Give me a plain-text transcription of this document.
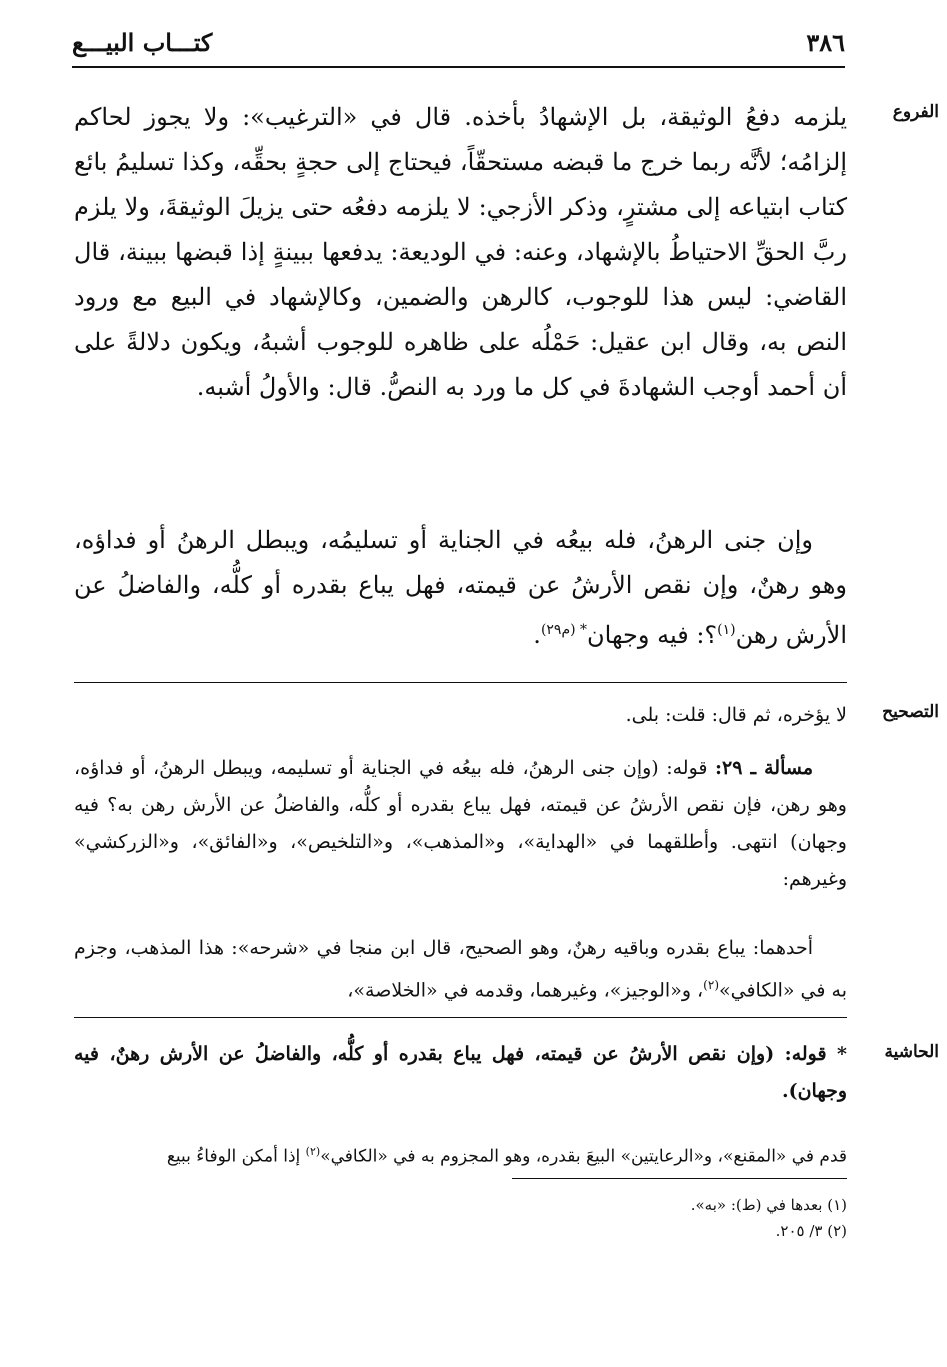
٣٨٦
كتـــاب البيـــع
الفروع
يلزمه دفعُ الوثيقة، بل الإشهادُ بأخذه. قال في «الترغيب»: ولا يجوز لحاكم إلزامُه؛ لأنَّه ربما خرج ما قبضه مستحقّاً، فيحتاج إلى حجةٍ بحقِّه، وكذا تسليمُ بائع كتاب ابتياعه إلى مشترٍ، وذكر الأزجي: لا يلزمه دفعُه حتى يزيلَ الوثيقةَ، ولا يلزم ربَّ الحقِّ الاحتياطُ بالإشهاد، وعنه: في الوديعة: يدفعها ببينةٍ إذا قبضها ببينة، قال القاضي: ليس هذا للوجوب، كالرهن والضمين، وكالإشهاد في البيع مع ورود النص به، وقال ابن عقيل: حَمْلُه على ظاهره للوجوب أشبهُ، ويكون دلالةً على أن أحمد أوجب الشهادةَ في كل ما ورد به النصُّ. قال: والأولُ أشبه.
وإن جنى الرهنُ، فله بيعُه في الجناية أو تسليمُه، ويبطل الرهنُ أو فداؤه، وهو رهنٌ، وإن نقص الأرشُ عن قيمته، فهل يباع بقدره أو كلُّه، والفاضلُ عن الأرش رهن$^{(١)}$؟: فيه وجهان$^{* (م٢٩)}$.
التصحيح
لا يؤخره، ثم قال: قلت: بلى.
مسألة ـ ٢٩: قوله: (وإن جنى الرهنُ، فله بيعُه في الجناية أو تسليمه، ويبطل الرهنُ، أو فداؤه، وهو رهن، فإن نقص الأرشُ عن قيمته، فهل يباع بقدره أو كلُّه، والفاضلُ عن الأرش رهن به؟ فيه وجهان) انتهى. وأطلقهما في «الهداية»، و«المذهب»، و«التلخيص»، و«الفائق»، و«الزركشي» وغيرهم:
أحدهما: يباع بقدره وباقيه رهنٌ، وهو الصحيح، قال ابن منجا في «شرحه»: هذا المذهب، وجزم به في «الكافي»$^{(٢)}$، و«الوجيز»، وغيرهما، وقدمه في «الخلاصة»،
الحاشية
* قوله: (وإن نقص الأرشُ عن قيمته، فهل يباع بقدره أو كلُّه، والفاضلُ عن الأرش رهنٌ، فيه وجهان).
قدم في «المقنع»، و«الرعايتين» البيعَ بقدره، وهو المجزوم به في «الكافي»$^{(٢)}$ إذا أمكن الوفاءُ ببيع
(١) بعدها في (ط): «به».
(٢) ٣/ ٢٠٥.
